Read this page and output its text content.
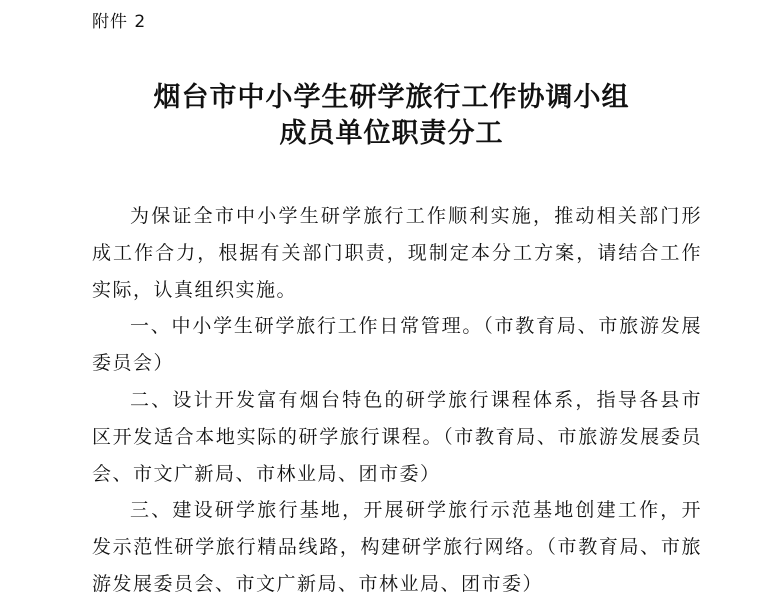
附件 2
烟台市中小学生研学旅行工作协调小组
成员单位职责分工

为保证全市中小学生研学旅行工作顺利实施，推动相关部门形成工作合力，根据有关部门职责，现制定本分工方案，请结合工作实际，认真组织实施。

一、中小学生研学旅行工作日常管理。（市教育局、市旅游发展委员会）

二、设计开发富有烟台特色的研学旅行课程体系，指导各县市区开发适合本地实际的研学旅行课程。（市教育局、市旅游发展委员会、市文广新局、市林业局、团市委）

三、建设研学旅行基地，开展研学旅行示范基地创建工作，开发示范性研学旅行精品线路，构建研学旅行网络。（市教育局、市旅游发展委员会、市文广新局、市林业局、团市委）
